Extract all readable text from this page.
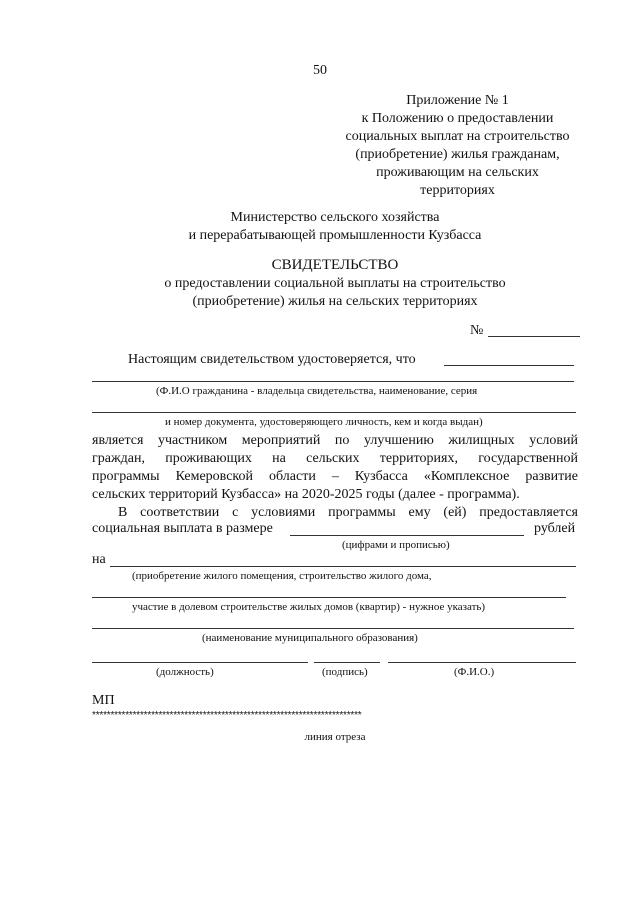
50
Приложение № 1
к Положению о предоставлении
социальных выплат на строительство
(приобретение) жилья гражданам,
проживающим на сельских
территориях
Министерство сельского хозяйства
и перерабатывающей промышленности Кузбасса
СВИДЕТЕЛЬСТВО
о предоставлении социальной выплаты на строительство
(приобретение) жилья на сельских территориях
№
Настоящим свидетельством удостоверяется, что
(Ф.И.О гражданина - владельца свидетельства, наименование, серия
и номер документа, удостоверяющего личность, кем и когда выдан)
является участником мероприятий по улучшению жилищных условий
граждан, проживающих на сельских территориях, государственной
программы Кемеровской области – Кузбасса «Комплексное развитие
сельских территорий Кузбасса» на 2020-2025 годы (далее - программа).
В соответствии с условиями программы ему (ей) предоставляется
социальная выплата в размере	рублей
(цифрами и прописью)
на
(приобретение жилого помещения, строительство жилого дома,
участие в долевом строительстве жилых домов (квартир) - нужное указать)
(наименование муниципального образования)
(должность)	(подпись)	(Ф.И.О.)
МП
*************************************************************************
линия отреза
